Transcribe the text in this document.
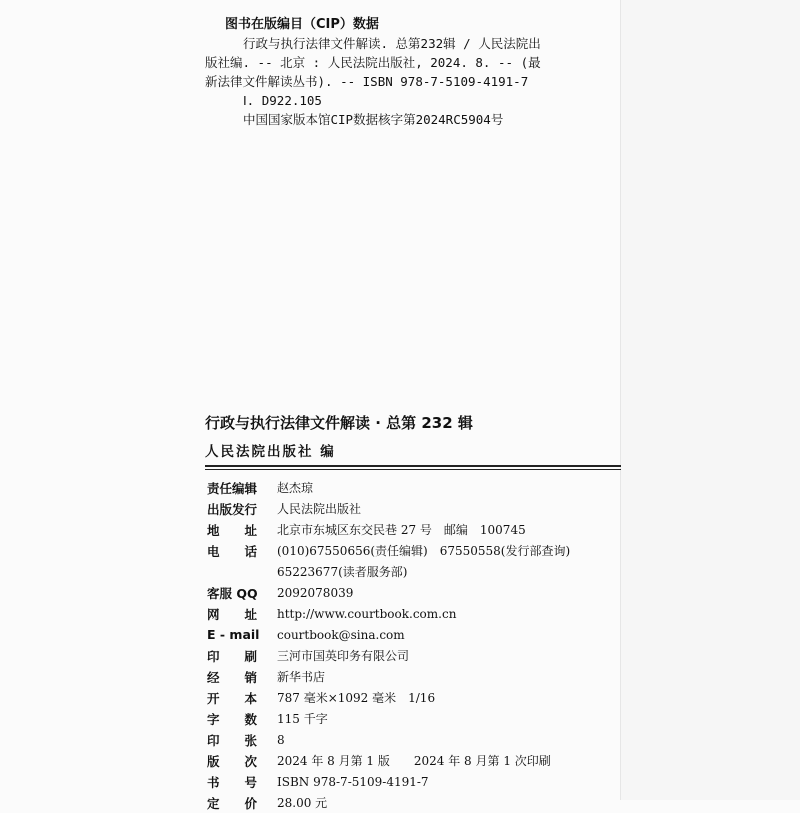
图书在版编目（CIP）数据
行政与执行法律文件解读. 总第232辑 / 人民法院出
版社编. -- 北京 : 人民法院出版社, 2024. 8. -- (最
新法律文件解读丛书). -- ISBN 978-7-5109-4191-7
Ⅰ. D922.105
中国国家版本馆CIP数据核字第2024RC5904号
行政与执行法律文件解读 · 总第 232 辑
人民法院出版社 编
责任编辑	赵杰琼
出版发行	人民法院出版社
地　　址	北京市东城区东交民巷 27 号　邮编　100745
电　　话	(010)67550656(责任编辑)　67550558(发行部查询)
65223677(读者服务部)
客服 QQ	2092078039
网　　址	http://www.courtbook.com.cn
E - mail	courtbook@sina.com
印　　刷	三河市国英印务有限公司
经　　销	新华书店
开　　本	787 毫米×1092 毫米　1/16
字　　数	115 千字
印　　张	8
版　　次	2024 年 8 月第 1 版　　2024 年 8 月第 1 次印刷
书　　号	ISBN 978-7-5109-4191-7
定　　价	28.00 元
